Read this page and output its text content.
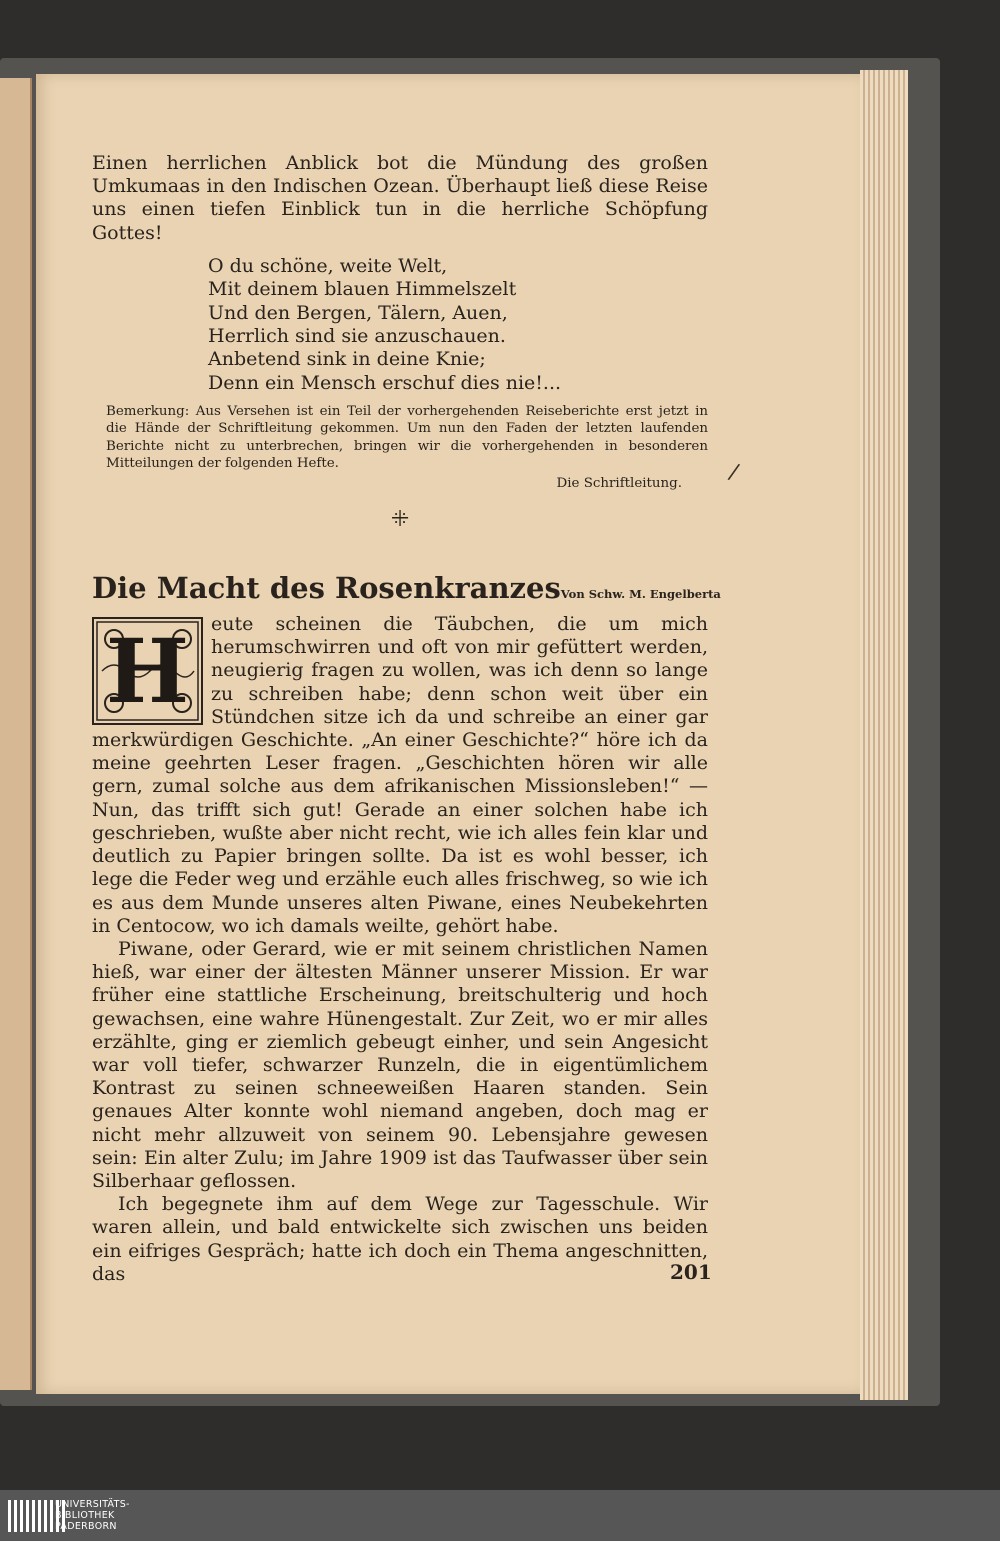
/

Einen herrlichen Anblick bot die Mündung des großen Umkumaas in den Indischen Ozean. Überhaupt ließ diese Reise uns einen tiefen Einblick tun in die herrliche Schöpfung Gottes!

O du schöne, weite Welt,
Mit deinem blauen Himmelszelt
Und den Bergen, Tälern, Auen,
Herrlich sind sie anzuschauen.
Anbetend sink in deine Knie;
Denn ein Mensch erschuf dies nie!...

Bemerkung: Aus Versehen ist ein Teil der vorhergehenden Reiseberichte erst jetzt in die Hände der Schriftleitung gekommen. Um nun den Faden der letzten laufenden Berichte nicht zu unterbrechen, bringen wir die vorhergehenden in besonderen Mitteilungen der folgenden Hefte.

Die Schriftleitung.
ꔰ
Die Macht des Rosenkranzes Von Schw. M. Engelberta
H	eute scheinen die Täubchen, die um mich herumschwirren und oft von mir gefüttert werden, neugierig fragen zu wollen, was ich denn so lange zu schreiben habe; denn schon weit über ein Stündchen sitze ich da und schreibe an einer gar merkwürdigen Geschichte. „An einer Geschichte?“ höre ich da meine geehrten Leser fragen. „Geschichten hören wir alle gern, zumal solche aus dem afrikanischen Missionsleben!“ — Nun, das trifft sich gut! Gerade an einer solchen habe ich geschrieben, wußte aber nicht recht, wie ich alles fein klar und deutlich zu Papier bringen sollte. Da ist es wohl besser, ich lege die Feder weg und erzähle euch alles frischweg, so wie ich es aus dem Munde unseres alten Piwane, eines Neubekehrten in Centocow, wo ich damals weilte, gehört habe.

Piwane, oder Gerard, wie er mit seinem christlichen Namen hieß, war einer der ältesten Männer unserer Mission. Er war früher eine stattliche Erscheinung, breitschulterig und hoch gewachsen, eine wahre Hünengestalt. Zur Zeit, wo er mir alles erzählte, ging er ziemlich gebeugt einher, und sein Angesicht war voll tiefer, schwarzer Runzeln, die in eigentümlichem Kontrast zu seinen schneeweißen Haaren standen. Sein genaues Alter konnte wohl niemand angeben, doch mag er nicht mehr allzuweit von seinem 90. Lebensjahre gewesen sein: Ein alter Zulu; im Jahre 1909 ist das Taufwasser über sein Silberhaar geflossen.

Ich begegnete ihm auf dem Wege zur Tagesschule. Wir waren allein, und bald entwickelte sich zwischen uns beiden ein eifriges Gespräch; hatte ich doch ein Thema angeschnitten, das	201
UNIVERSITÄTS-
BIBLIOTHEK
PADERBORN
